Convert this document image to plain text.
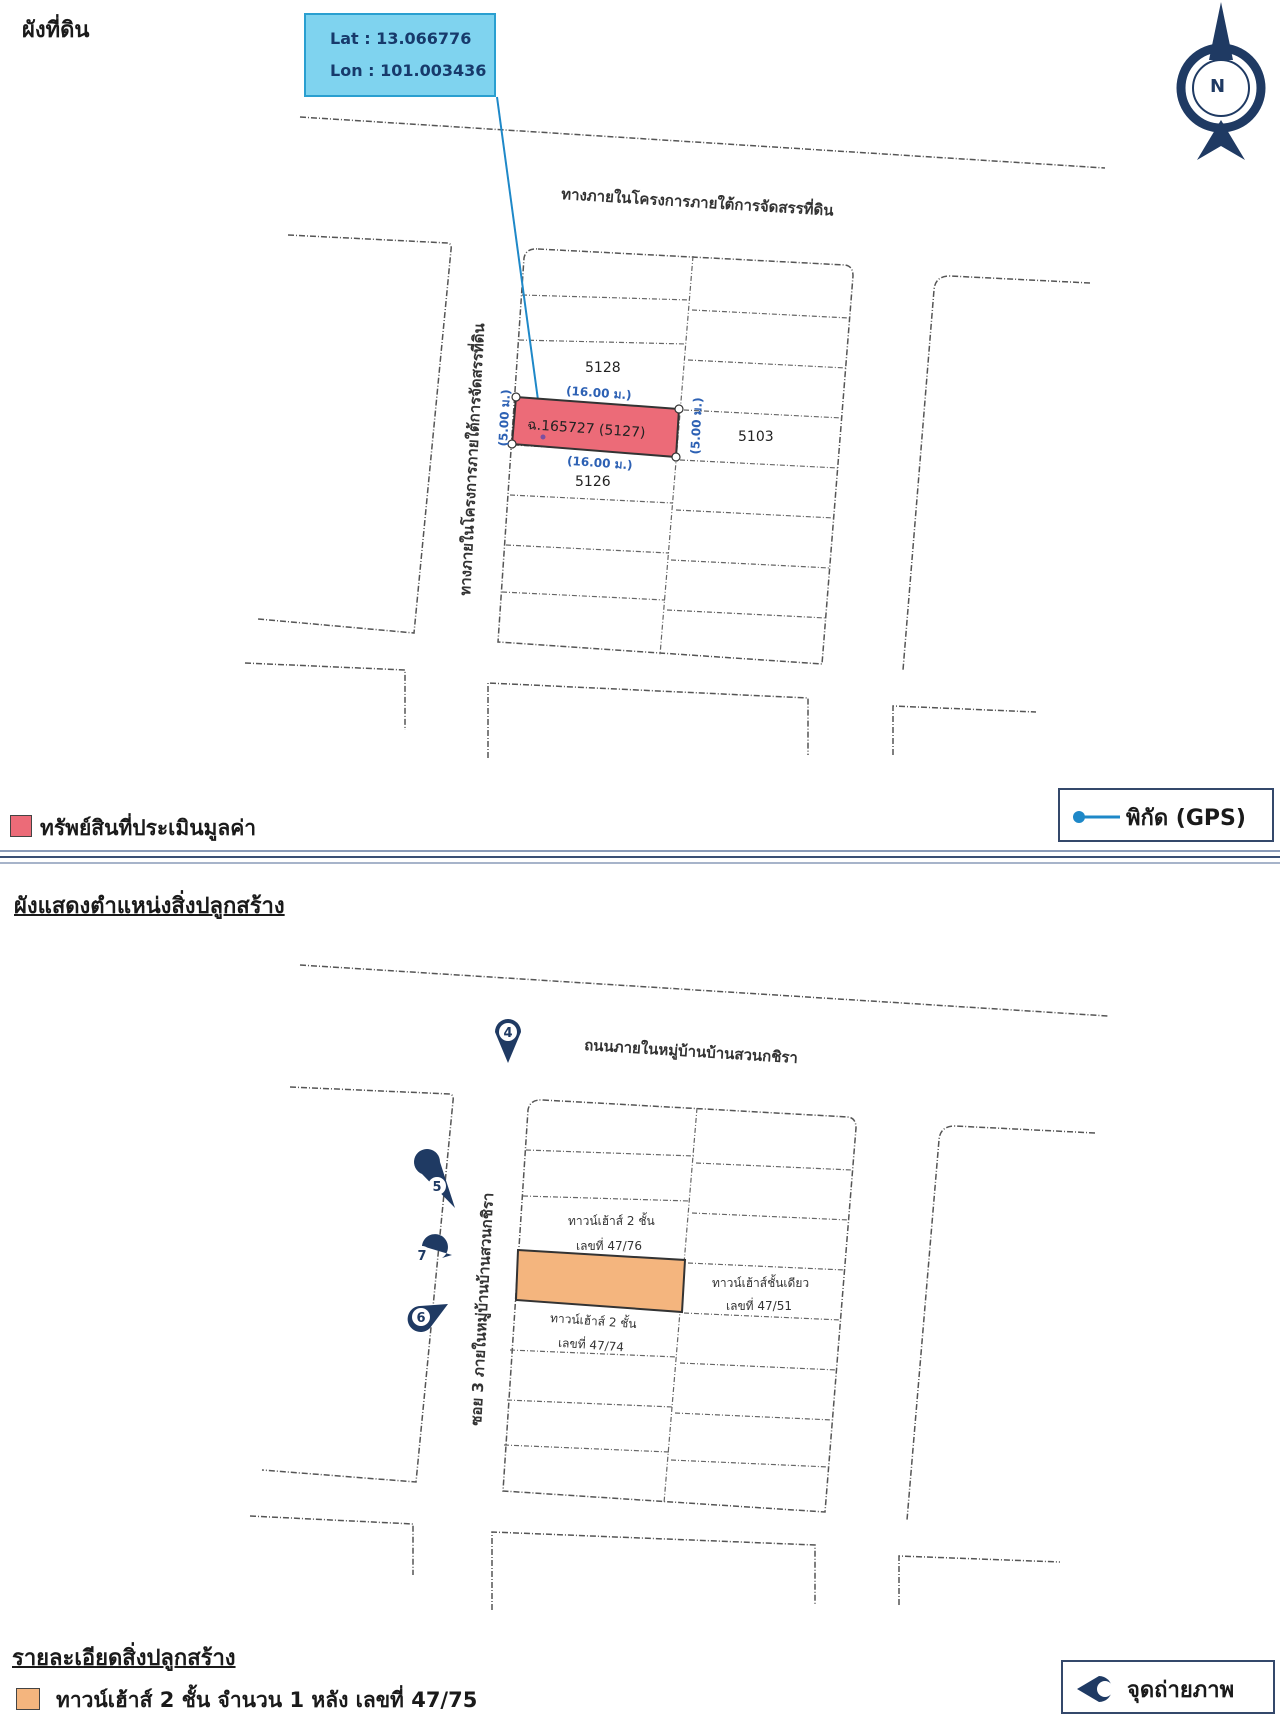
4
5
7
6
ผังที่ดิน	Lat : 13.066776
Lon : 101.003436
N
ทางภายในโครงการภายใต้การจัดสรรที่ดิน
ทางภายในโครงการภายใต้การจัดสรรที่ดิน	5128
5126
5103
ฉ.165727 (5127)
(16.00 ม.)
(16.00 ม.)
(5.00 ม.)	(5.00 ม.)
ทรัพย์สินที่ประเมินมูลค่า	พิกัด (GPS)
ผังแสดงตำแหน่งสิ่งปลูกสร้าง
ถนนภายในหมู่บ้านบ้านสวนกชิรา
ซอย 3 ภายในหมู่บ้านบ้านสวนกชิรา	ทาวน์เฮ้าส์ 2 ชั้น
เลขที่ 47/76
ทาวน์เฮ้าส์ชั้นเดียว
เลขที่ 47/51
ทาวน์เฮ้าส์ 2 ชั้น
เลขที่ 47/74
รายละเอียดสิ่งปลูกสร้าง
ทาวน์เฮ้าส์ 2 ชั้น จำนวน 1 หลัง เลขที่ 47/75	จุดถ่ายภาพ
